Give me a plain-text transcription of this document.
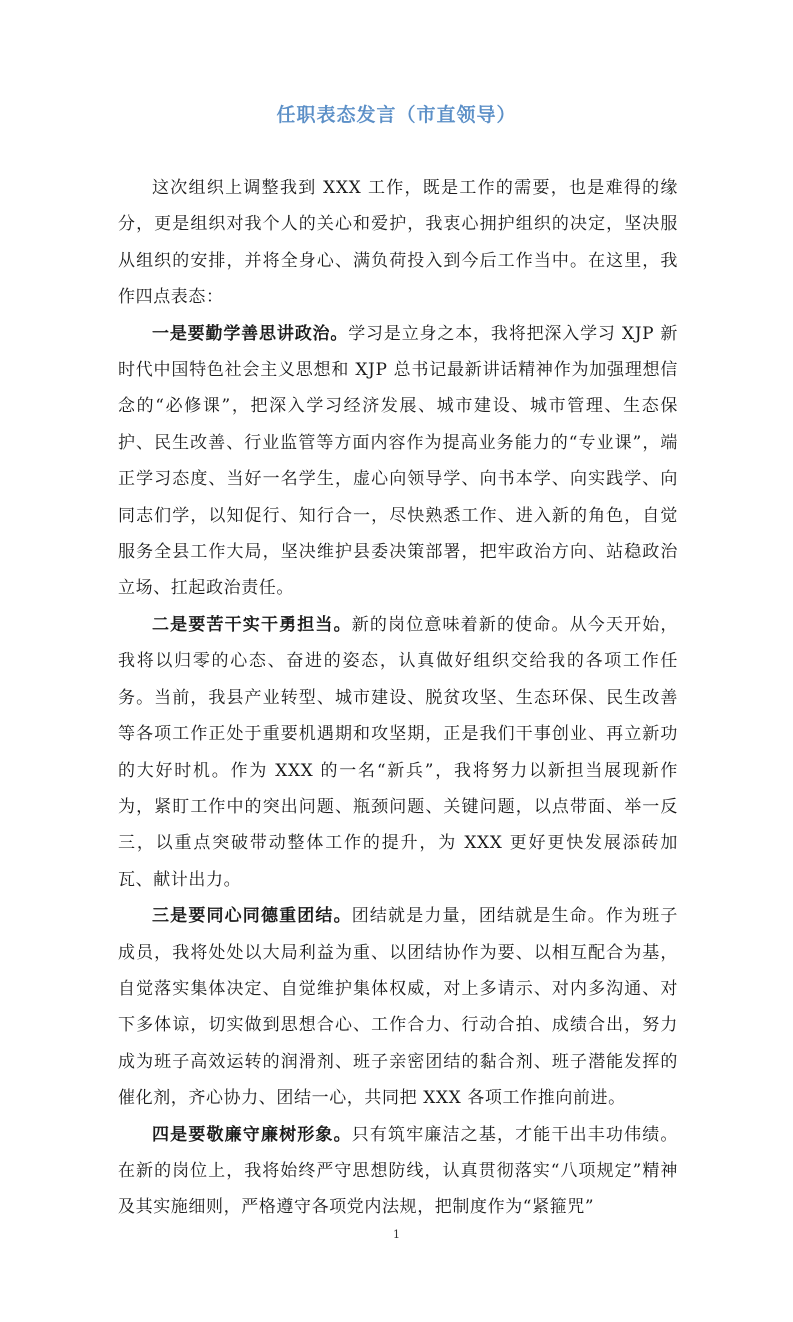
任职表态发言（市直领导）

这次组织上调整我到 XXX 工作，既是工作的需要，也是难得的缘分，更是组织对我个人的关心和爱护，我衷心拥护组织的决定，坚决服从组织的安排，并将全身心、满负荷投入到今后工作当中。在这里，我作四点表态：

一是要勤学善思讲政治。学习是立身之本，我将把深入学习 XJP 新时代中国特色社会主义思想和 XJP 总书记最新讲话精神作为加强理想信念的“必修课”，把深入学习经济发展、城市建设、城市管理、生态保护、民生改善、行业监管等方面内容作为提高业务能力的“专业课”，端正学习态度、当好一名学生，虚心向领导学、向书本学、向实践学、向同志们学，以知促行、知行合一，尽快熟悉工作、进入新的角色，自觉服务全县工作大局，坚决维护县委决策部署，把牢政治方向、站稳政治立场、扛起政治责任。

二是要苦干实干勇担当。新的岗位意味着新的使命。从今天开始，我将以归零的心态、奋进的姿态，认真做好组织交给我的各项工作任务。当前，我县产业转型、城市建设、脱贫攻坚、生态环保、民生改善等各项工作正处于重要机遇期和攻坚期，正是我们干事创业、再立新功的大好时机。作为 XXX 的一名“新兵”，我将努力以新担当展现新作为，紧盯工作中的突出问题、瓶颈问题、关键问题，以点带面、举一反三，以重点突破带动整体工作的提升，为 XXX 更好更快发展添砖加瓦、献计出力。

三是要同心同德重团结。团结就是力量，团结就是生命。作为班子成员，我将处处以大局利益为重、以团结协作为要、以相互配合为基，自觉落实集体决定、自觉维护集体权威，对上多请示、对内多沟通、对下多体谅，切实做到思想合心、工作合力、行动合拍、成绩合出，努力成为班子高效运转的润滑剂、班子亲密团结的黏合剂、班子潜能发挥的催化剂，齐心协力、团结一心，共同把 XXX 各项工作推向前进。

四是要敬廉守廉树形象。只有筑牢廉洁之基，才能干出丰功伟绩。在新的岗位上，我将始终严守思想防线，认真贯彻落实“八项规定”精神及其实施细则，严格遵守各项党内法规，把制度作为“紧箍咒”

1
